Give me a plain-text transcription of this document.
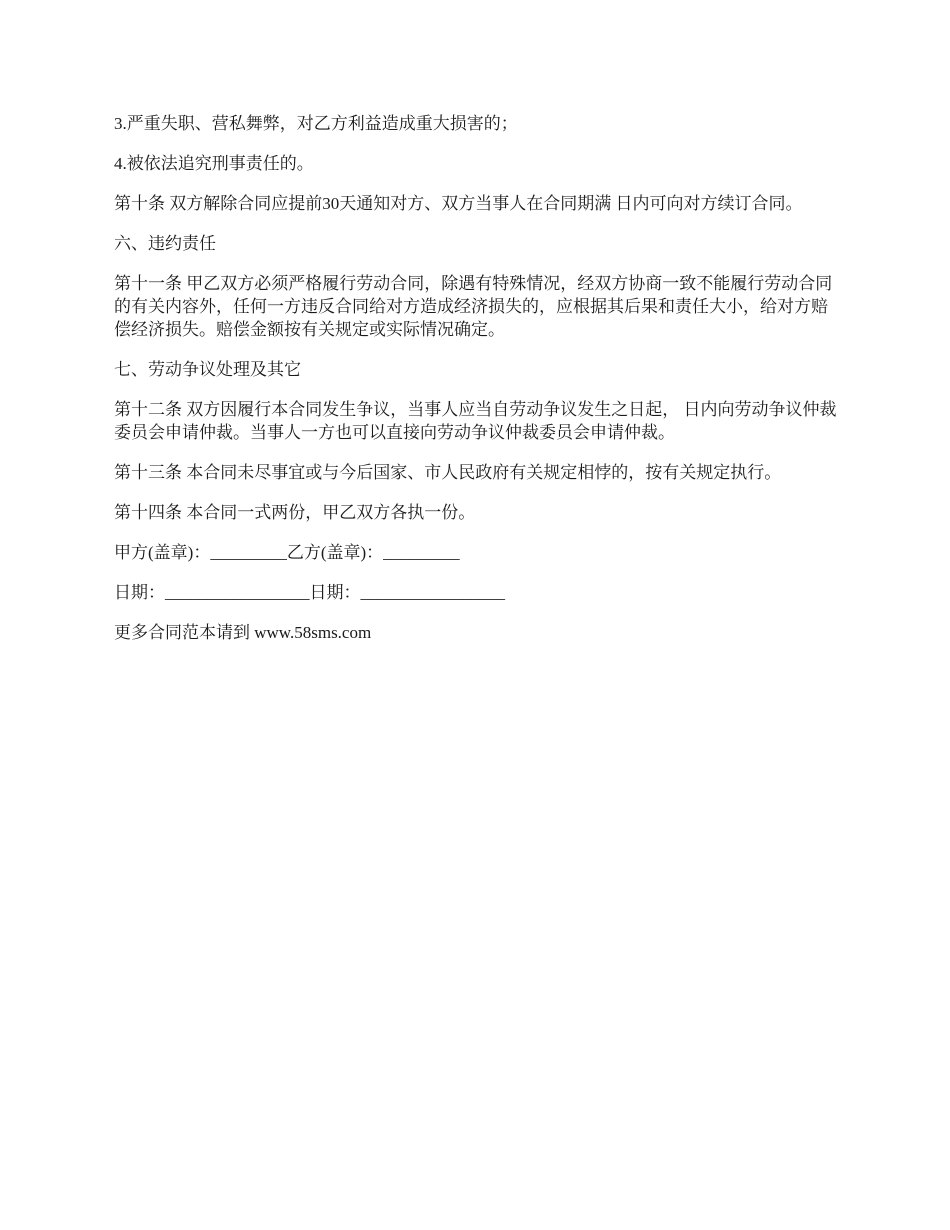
3.严重失职、营私舞弊，对乙方利益造成重大损害的；

4.被依法追究刑事责任的。

第十条 双方解除合同应提前30天通知对方、双方当事人在合同期满 日内可向对方续订合同。

六、违约责任

第十一条 甲乙双方必须严格履行劳动合同，除遇有特殊情况，经双方协商一致不能履行劳动合同的有关内容外，任何一方违反合同给对方造成经济损失的，应根据其后果和责任大小，给对方赔偿经济损失。赔偿金额按有关规定或实际情况确定。

七、劳动争议处理及其它

第十二条 双方因履行本合同发生争议，当事人应当自劳动争议发生之日起， 日内向劳动争议仲裁委员会申请仲裁。当事人一方也可以直接向劳动争议仲裁委员会申请仲裁。

第十三条 本合同未尽事宜或与今后国家、市人民政府有关规定相悖的，按有关规定执行。

第十四条 本合同一式两份，甲乙双方各执一份。

甲方(盖章)：_________乙方(盖章)：_________

日期：_________________日期：_________________

更多合同范本请到 www.58sms.com
